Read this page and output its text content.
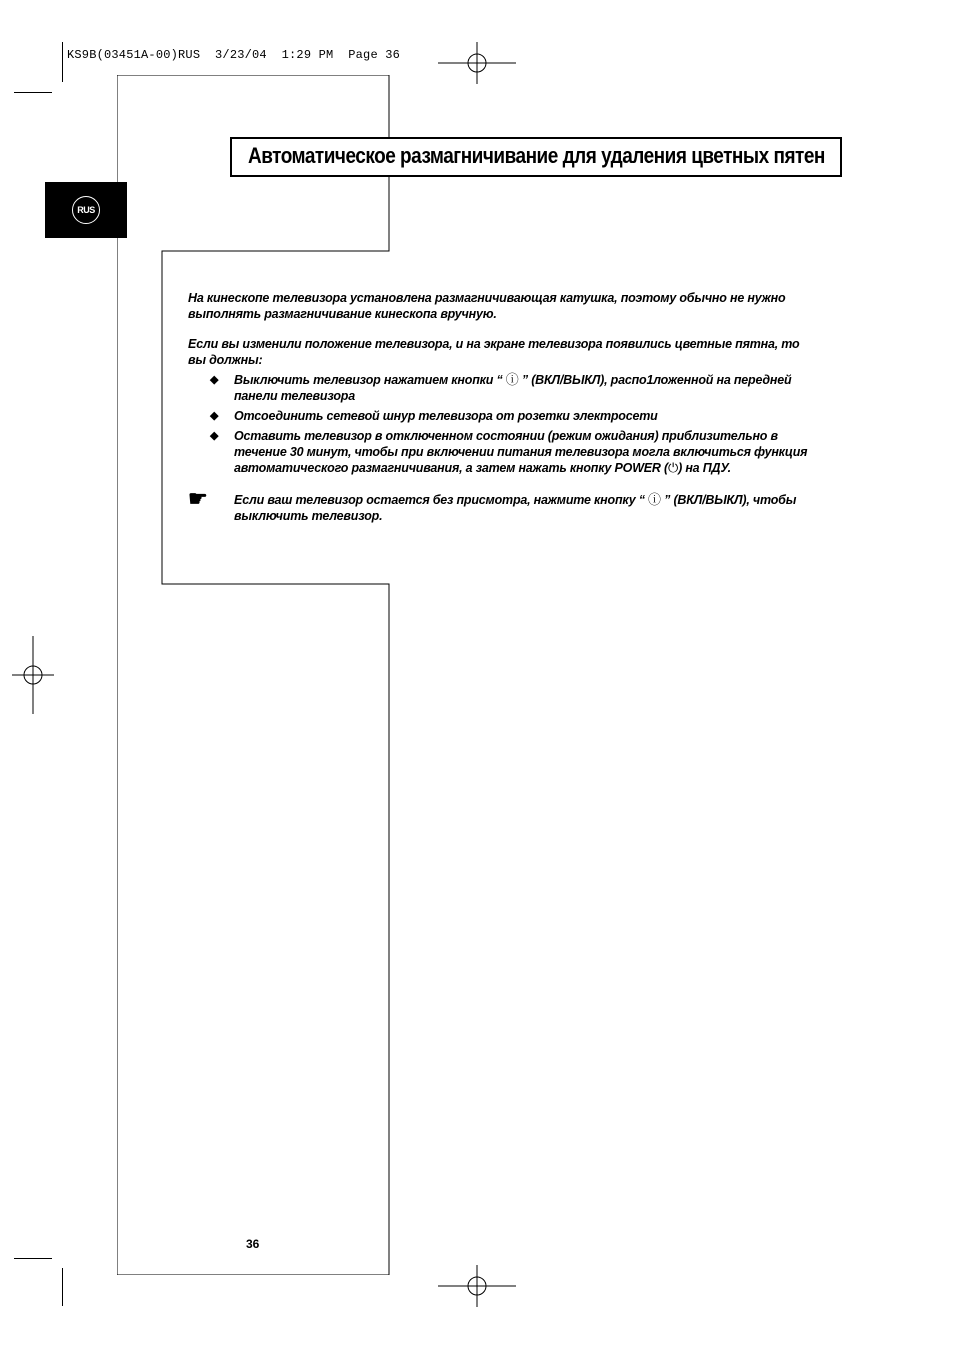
KS9B(03451A-00)RUS  3/23/04  1:29 PM  Page 36
RUS
Автоматическое размагничивание для удаления цветных пятен

На кинескопе телевизора установлена размагничивающая катушка, поэтому обычно не нужно выполнять размагничивание кинескопа вручную.

Если вы изменили положение телевизора, и на экране телевизора появились цветные пятна, то вы должны:

◆ Выключить телевизор нажатием кнопки “ ⓘ ” (ВКЛ/ВЫКЛ), распо1ложенной на передней панели телевизора
◆ Отсоединить сетевой шнур телевизора от розетки электросети
◆ Оставить телевизор в отключенном состоянии (режим ожидания) приблизительно в течение 30 минут, чтобы при включении питания телевизора могла включиться функция автоматического размагничивания, а затем нажать кнопку POWER (⏻) на ПДУ.
☛ Если ваш телевизор остается без присмотра, нажмите кнопку “ ⓘ ” (ВКЛ/ВЫКЛ), чтобы выключить телевизор.
36
